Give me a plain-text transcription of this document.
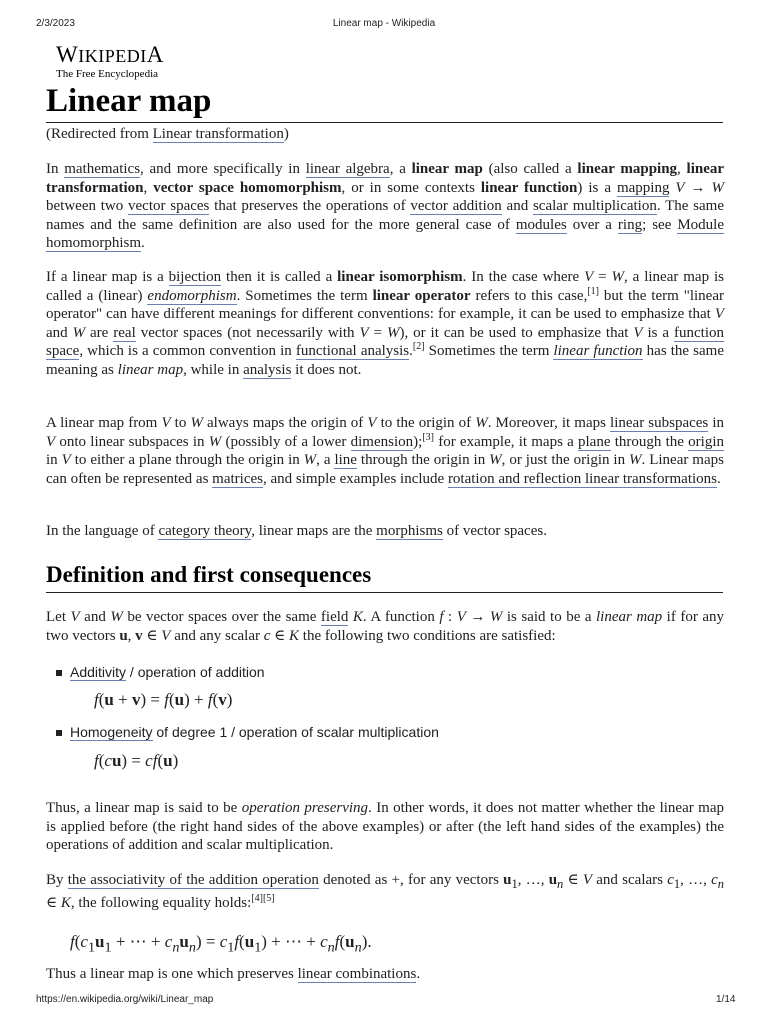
2/3/2023	Linear map - Wikipedia
WIKIPEDIA
The Free Encyclopedia
Linear map
(Redirected from Linear transformation)
In mathematics, and more specifically in linear algebra, a linear map (also called a linear mapping, linear transformation, vector space homomorphism, or in some contexts linear function) is a mapping V → W between two vector spaces that preserves the operations of vector addition and scalar multiplication. The same names and the same definition are also used for the more general case of modules over a ring; see Module homomorphism.
If a linear map is a bijection then it is called a linear isomorphism. In the case where V = W, a linear map is called a (linear) endomorphism. Sometimes the term linear operator refers to this case,[1] but the term "linear operator" can have different meanings for different conventions: for example, it can be used to emphasize that V and W are real vector spaces (not necessarily with V = W), or it can be used to emphasize that V is a function space, which is a common convention in functional analysis.[2] Sometimes the term linear function has the same meaning as linear map, while in analysis it does not.
A linear map from V to W always maps the origin of V to the origin of W. Moreover, it maps linear subspaces in V onto linear subspaces in W (possibly of a lower dimension);[3] for example, it maps a plane through the origin in V to either a plane through the origin in W, a line through the origin in W, or just the origin in W. Linear maps can often be represented as matrices, and simple examples include rotation and reflection linear transformations.
In the language of category theory, linear maps are the morphisms of vector spaces.
Definition and first consequences
Let V and W be vector spaces over the same field K. A function f : V → W is said to be a linear map if for any two vectors u, v ∈ V and any scalar c ∈ K the following two conditions are satisfied:
Additivity / operation of addition
f(u + v) = f(u) + f(v)
Homogeneity of degree 1 / operation of scalar multiplication
f(cu) = cf(u)
Thus, a linear map is said to be operation preserving. In other words, it does not matter whether the linear map is applied before (the right hand sides of the above examples) or after (the left hand sides of the examples) the operations of addition and scalar multiplication.
By the associativity of the addition operation denoted as +, for any vectors $u_1$, …, $u_n$ ∈ V and scalars $c_1$, …, $c_n$ ∈ K, the following equality holds:[4][5]
$f(c_1u_1$ + ⋯ + $c_nu_n) = c_1f(u_1)$ + ⋯ + $c_nf(u_n)$.
Thus a linear map is one which preserves linear combinations.
https://en.wikipedia.org/wiki/Linear_map	1/14
